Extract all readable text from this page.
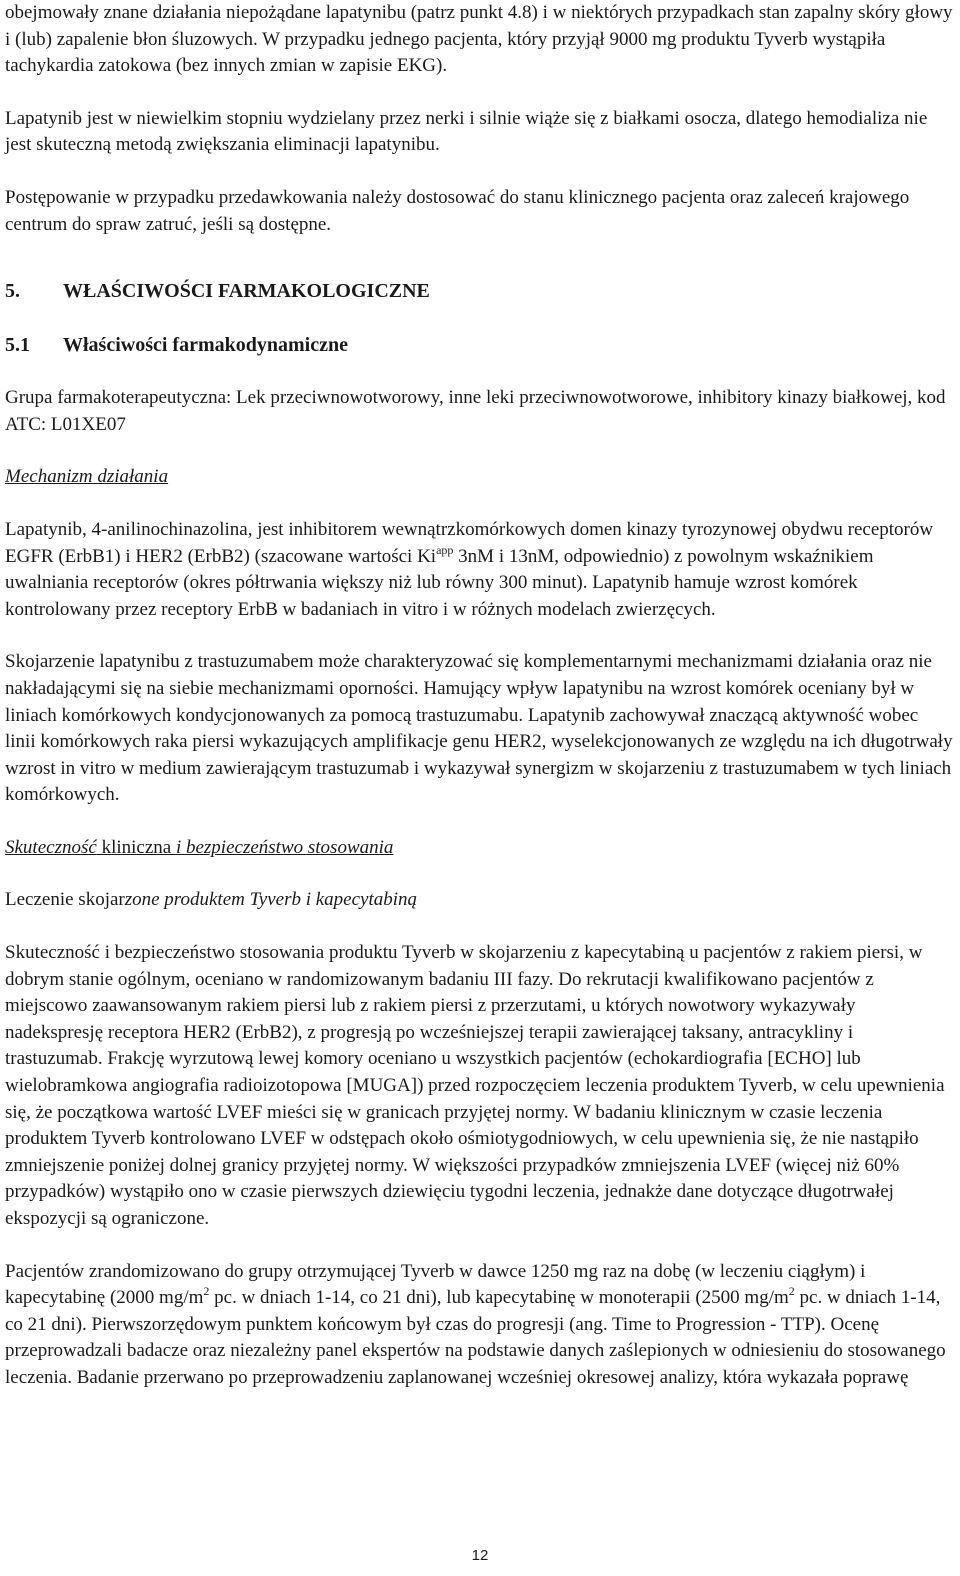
obejmowały znane działania niepożądane lapatynibu (patrz punkt 4.8) i w niektórych przypadkach stan zapalny skóry głowy i (lub) zapalenie błon śluzowych. W przypadku jednego pacjenta, który przyjął 9000 mg produktu Tyverb wystąpiła tachykardia zatokowa (bez innych zmian w zapisie EKG).

Lapatynib jest w niewielkim stopniu wydzielany przez nerki i silnie wiąże się z białkami osocza, dlatego hemodializa nie jest skuteczną metodą zwiększania eliminacji lapatynibu.

Postępowanie w przypadku przedawkowania należy dostosować do stanu klinicznego pacjenta oraz zaleceń krajowego centrum do spraw zatruć, jeśli są dostępne.

5.	WŁAŚCIWOŚCI FARMAKOLOGICZNE
5.1	Właściwości farmakodynamiczne

Grupa farmakoterapeutyczna: Lek przeciwnowotworowy, inne leki przeciwnowotworowe, inhibitory kinazy białkowej, kod ATC: L01XE07

Mechanizm działania

Lapatynib, 4-anilinochinazolina, jest inhibitorem wewnątrzkomórkowych domen kinazy tyrozynowej obydwu receptorów EGFR (ErbB1) i HER2 (ErbB2) (szacowane wartości $Ki^{app}$ 3nM i 13nM, odpowiednio) z powolnym wskaźnikiem uwalniania receptorów (okres półtrwania większy niż lub równy 300 minut). Lapatynib hamuje wzrost komórek kontrolowany przez receptory ErbB w badaniach in vitro i w różnych modelach zwierzęcych.

Skojarzenie lapatynibu z trastuzumabem może charakteryzować się komplementarnymi mechanizmami działania oraz nie nakładającymi się na siebie mechanizmami oporności. Hamujący wpływ lapatynibu na wzrost komórek oceniany był w liniach komórkowych kondycjonowanych za pomocą trastuzumabu. Lapatynib zachowywał znaczącą aktywność wobec linii komórkowych raka piersi wykazujących amplifikacje genu HER2, wyselekcjonowanych ze względu na ich długotrwały wzrost in vitro w medium zawierającym trastuzumab i wykazywał synergizm w skojarzeniu z trastuzumabem w tych liniach komórkowych.

Skuteczność kliniczna i bezpieczeństwo stosowania

Leczenie skojarzone produktem Tyverb i kapecytabiną

Skuteczność i bezpieczeństwo stosowania produktu Tyverb w skojarzeniu z kapecytabiną u pacjentów z rakiem piersi, w dobrym stanie ogólnym, oceniano w randomizowanym badaniu III fazy. Do rekrutacji kwalifikowano pacjentów z miejscowo zaawansowanym rakiem piersi lub z rakiem piersi z przerzutami, u których nowotwory wykazywały nadekspresję receptora HER2 (ErbB2), z progresją po wcześniejszej terapii zawierającej taksany, antracykliny i trastuzumab. Frakcję wyrzutową lewej komory oceniano u wszystkich pacjentów (echokardiografia [ECHO] lub wielobramkowa angiografia radioizotopowa [MUGA]) przed rozpoczęciem leczenia produktem Tyverb, w celu upewnienia się, że początkowa wartość LVEF mieści się w granicach przyjętej normy. W badaniu klinicznym w czasie leczenia produktem Tyverb kontrolowano LVEF w odstępach około ośmiotygodniowych, w celu upewnienia się, że nie nastąpiło zmniejszenie poniżej dolnej granicy przyjętej normy. W większości przypadków zmniejszenia LVEF (więcej niż 60% przypadków) wystąpiło ono w czasie pierwszych dziewięciu tygodni leczenia, jednakże dane dotyczące długotrwałej ekspozycji są ograniczone.

Pacjentów zrandomizowano do grupy otrzymującej Tyverb w dawce 1250 mg raz na dobę (w leczeniu ciągłym) i kapecytabinę (2000 $mg/m^2$ pc. w dniach 1-14, co 21 dni), lub kapecytabinę w monoterapii (2500 $mg/m^2$ pc. w dniach 1-14, co 21 dni). Pierwszorzędowym punktem końcowym był czas do progresji (ang. Time to Progression - TTP). Ocenę przeprowadzali badacze oraz niezależny panel ekspertów na podstawie danych zaślepionych w odniesieniu do stosowanego leczenia. Badanie przerwano po przeprowadzeniu zaplanowanej wcześniej okresowej analizy, która wykazała poprawę

12
